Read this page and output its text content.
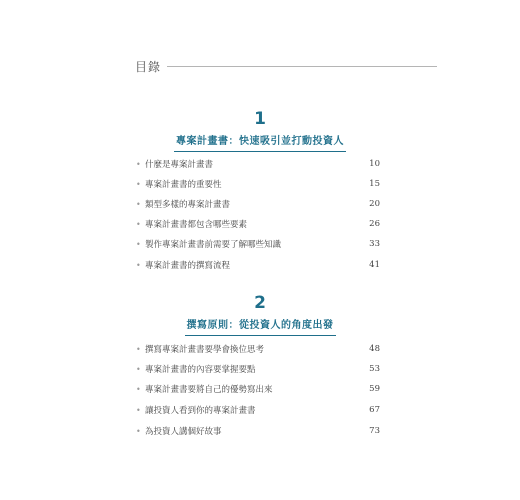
目錄
1
專案計畫書：快速吸引並打動投資人
• 什麼是專案計畫書	10
• 專案計畫書的重要性	15
• 類型多樣的專案計畫書	20
• 專案計畫書都包含哪些要素	26
• 製作專案計畫書前需要了解哪些知識	33
• 專案計畫書的撰寫流程	41
2
撰寫原則：從投資人的角度出發
• 撰寫專案計畫書要學會換位思考	48
• 專案計畫書的內容要掌握要點	53
• 專案計畫書要將自己的優勢寫出來	59
• 讓投資人看到你的專案計畫書	67
• 為投資人講個好故事	73
